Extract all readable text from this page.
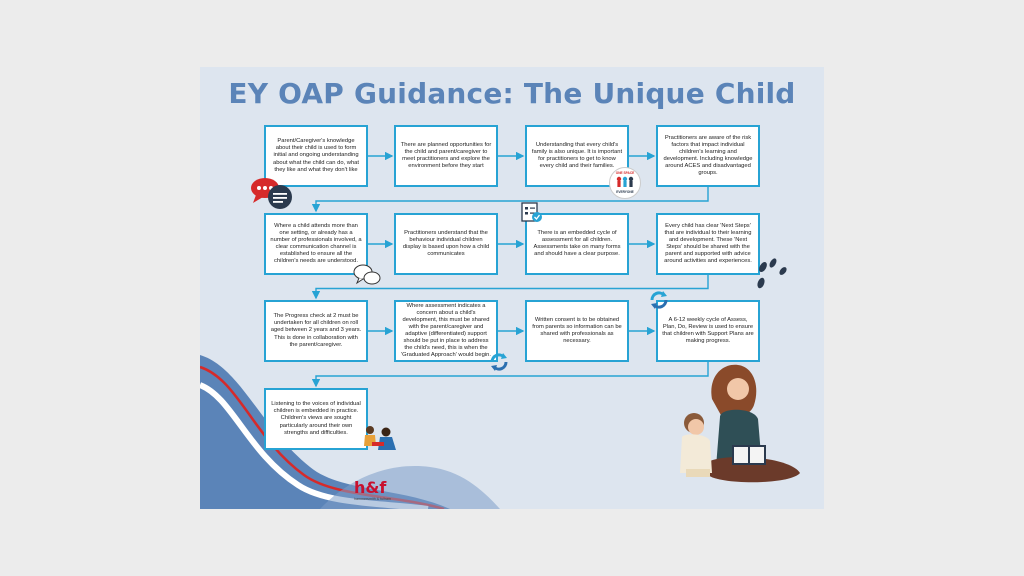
EY OAP Guidance: The Unique Child
Parent/Caregiver's knowledge about their child is used to form initial and ongoing understanding about what the child can do, what they like and what they don't like
There are planned opportunities for the child and parent/caregiver to meet practitioners and explore the environment before they start
Understanding that every child's family is also unique. It is important for practitioners to get to know every child and their families.
Practitioners are aware of the risk factors that impact individual children's learning and development. Including knowledge around ACES and disadvantaged groups.
Where a child attends more than one setting, or already has a number of professionals involved, a clear communication channel is established to ensure all the children's needs are understood.
Practitioners understand that the behaviour individual children display is based upon how a child communicates
There is an embedded cycle of assessment for all children. Assessments take on many forms and should have a clear purpose.
Every child has clear 'Next Steps' that are individual to their learning and development. These 'Next Steps' should be shared with the parent and supported with advice around activities and experiences.
The Progress check at 2 must be undertaken for all children on roll aged between 2 years and 3 years. This is done in collaboration with the parent/caregiver.
Where assessment indicates a concern about a child's development, this must be shared with the parent/caregiver and adaptive (differentiated) support should be put in place to address the child's need, this is when the 'Graduated Approach' would begin.
Written consent is to be obtained from parents so information can be shared with professionals as necessary.
A 6-12 weekly cycle of Assess, Plan, Do, Review is used to ensure that children with Support Plans are making progress.
Listening to the voices of individual children is embedded in practice. Children's views are sought particularly around their own strengths and difficulties.
ONE SPACE
EVERYONE
h&f
hammersmith & fulham
